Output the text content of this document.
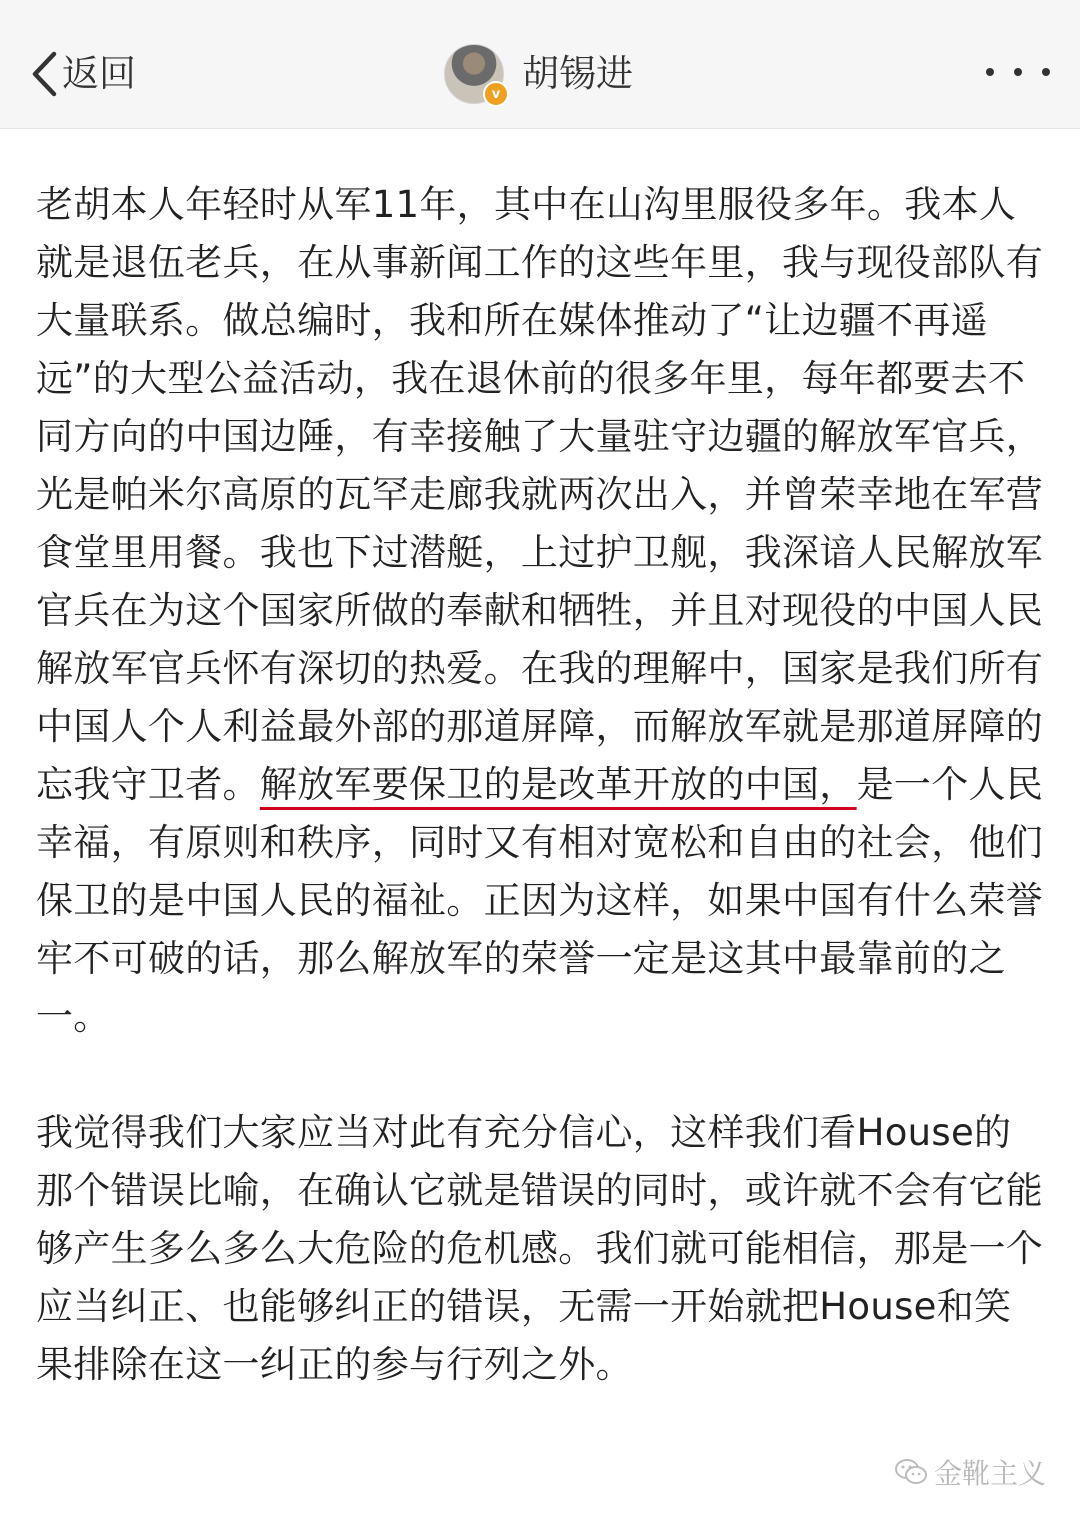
返回	v 胡锡进

老胡本人年轻时从军11年，其中在山沟里服役多年。我本人就是退伍老兵，在从事新闻工作的这些年里，我与现役部队有大量联系。做总编时，我和所在媒体推动了“让边疆不再遥远”的大型公益活动，我在退休前的很多年里，每年都要去不同方向的中国边陲，有幸接触了大量驻守边疆的解放军官兵，光是帕米尔高原的瓦罕走廊我就两次出入，并曾荣幸地在军营食堂里用餐。我也下过潜艇，上过护卫舰，我深谙人民解放军官兵在为这个国家所做的奉献和牺牲，并且对现役的中国人民解放军官兵怀有深切的热爱。在我的理解中，国家是我们所有中国人个人利益最外部的那道屏障，而解放军就是那道屏障的忘我守卫者。解放军要保卫的是改革开放的中国，是一个人民幸福，有原则和秩序，同时又有相对宽松和自由的社会，他们保卫的是中国人民的福祉。正因为这样，如果中国有什么荣誉牢不可破的话，那么解放军的荣誉一定是这其中最靠前的之一。

我觉得我们大家应当对此有充分信心，这样我们看House的那个错误比喻，在确认它就是错误的同时，或许就不会有它能够产生多么多么大危险的危机感。我们就可能相信，那是一个应当纠正、也能够纠正的错误，无需一开始就把House和笑果排除在这一纠正的参与行列之外。

金靴主义
